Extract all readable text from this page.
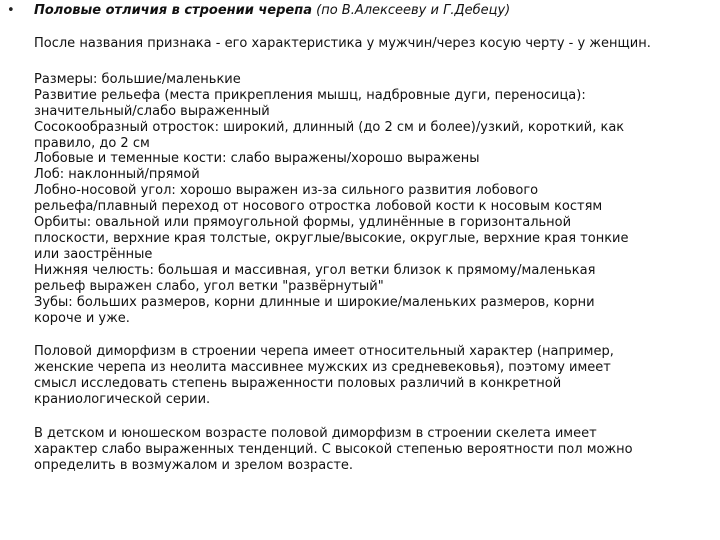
• Половые отличия в строении черепа (по В.Алексееву и Г.Дебецу)

После названия признака - его характеристика у мужчин/через косую черту - у женщин.

Размеры: большие/маленькие
Развитие рельефа (места прикрепления мышц, надбровные дуги, переносица):
значительный/слабо выраженный
Сосокообразный отросток: широкий, длинный (до 2 см и более)/узкий, короткий, как
правило, до 2 см
Лобовые и теменные кости: слабо выражены/хорошо выражены
Лоб: наклонный/прямой
Лобно-носовой угол: хорошо выражен из-за сильного развития лобового
рельефа/плавный переход от носового отростка лобовой кости к носовым костям
Орбиты: овальной или прямоугольной формы, удлинённые в горизонтальной
плоскости, верхние края толстые, округлые/высокие, округлые, верхние края тонкие
или заострённые
Нижняя челюсть: большая и массивная, угол ветки близок к прямому/маленькая
рельеф выражен слабо, угол ветки "развёрнутый"
Зубы: больших размеров, корни длинные и широкие/маленьких размеров, корни
короче и уже.

Половой диморфизм в строении черепа имеет относительный характер (например,
женские черепа из неолита массивнее мужских из средневековья), поэтому имеет
смысл исследовать степень выраженности половых различий в конкретной
краниологической серии.

В детском и юношеском возрасте половой диморфизм в строении скелета имеет
характер слабо выраженных тенденций. С высокой степенью вероятности пол можно
определить в возмужалом и зрелом возрасте.
